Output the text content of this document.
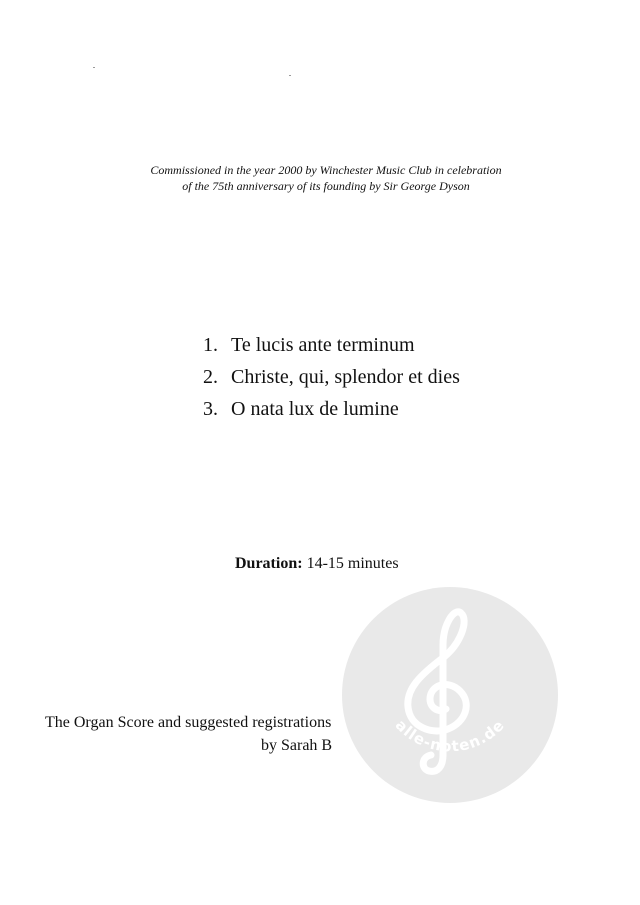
Commissioned in the year 2000 by Winchester Music Club in celebration
of the 75th anniversary of its founding by Sir George Dyson
1. Te lucis ante terminum
2. Christe, qui, splendor et dies
3. O nata lux de lumine
Duration: 14-15 minutes
The Organ Score and suggested registrations
by Sarah B
alle-noten.de
